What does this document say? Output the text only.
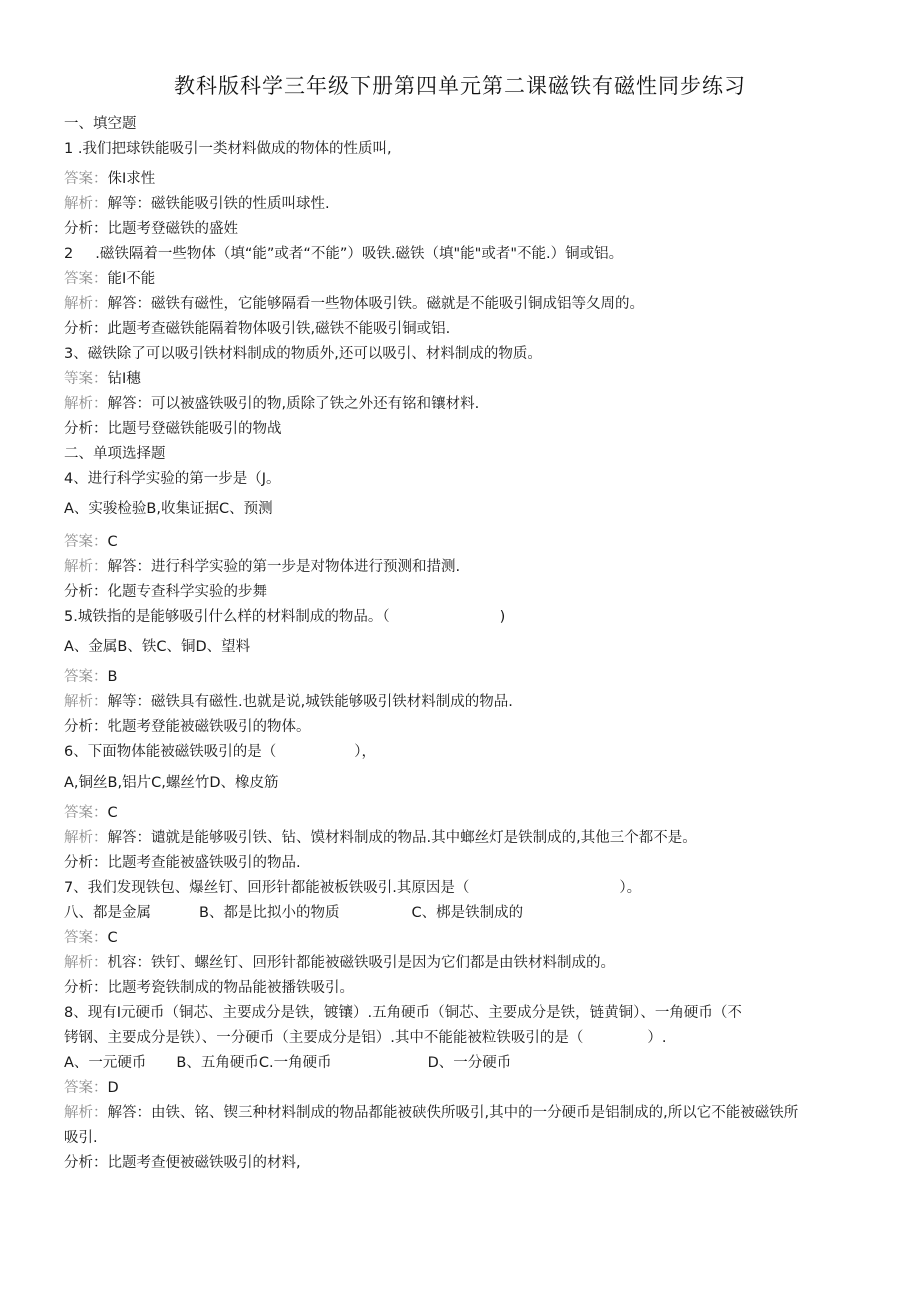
教科版科学三年级下册第四单元第二课磁铁有磁性同步练习
一、填空题
1 .我们把球铁能吸引一类材料做成的物体的性质叫,
答案：侏I求性
解析：解等：磁铁能吸引铁的性质叫球性.
分析：比题考登磁铁的盛姓
2 .磁铁隔着一些物体（填“能”或者“不能”）吸铁.磁铁（填"能"或者"不能.）铜或铝。
答案：能I不能
解析：解答：磁铁有磁性，它能够隔看一些物体吸引铁。磁就是不能吸引铜成铝等夂周的。
分析：此题考查磁铁能隔着物体吸引铁,磁铁不能吸引铜或铝.
3、磁铁除了可以吸引铁材料制成的物质外,还可以吸引、材料制成的物质。
等案：钻I穗
解析：解答：可以被盛铁吸引的物,质除了铁之外还有铭和镶材料.
分析：比题号登磁铁能吸引的物战
二、单项选择题
4、进行科学实验的第一步是（J。
A、实骏检验B,收集证据C、预测
答案：C
解析：解答：进行科学实验的第一步是对物体进行预测和措测.
分析：化题专查科学实验的步舞
5.城铁指的是能够吸引什么样的材料制成的物品。（	)
A、金属B、铁C、铜D、望料
答案：B
解析：解等：磁铁具有磁性.也就是说,城铁能够吸引铁材料制成的物品.
分析：牝题考登能被磁铁吸引的物体。
6、下面物体能被磁铁吸引的是（	），
A,铜丝B,铝片C,螺丝竹D、橡皮筋
答案：C
解析：解答：谴就是能够吸引铁、钻、馍材料制成的物品.其中螂丝灯是铁制成的,其他三个都不是。
分析：比题考查能被盛铁吸引的物品.
7、我们发现铁包、爆丝钉、回形针都能被板铁吸引.其原因是（	）。
八、都是金属	B、都是比拟小的物质	C、梆是铁制成的
答案：C
解析：机容：铁钉、螺丝钉、回形针都能被磁铁吸引是因为它们都是由铁材料制成的。
分析：比题考瓷铁制成的物品能被播铁吸引。
8、现有I元硬币（铜芯、主要成分是铁，镀镶）.五角硬币（铜芯、主要成分是铁，链黄铜）、一角硬币（不
铐钢、主要成分是铁）、一分硬币（主要成分是铝）.其中不能能被粒铁吸引的是（	）.
A、一元硬币 B、五角硬币C.一角硬币	D、一分硬币
答案：D
解析：解答：由铁、铭、锲三种材料制成的物品都能被硖佚所吸引,其中的一分硬币是铝制成的,所以它不能被磁铁所
吸引.
分析：比题考查便被磁铁吸引的材料,
